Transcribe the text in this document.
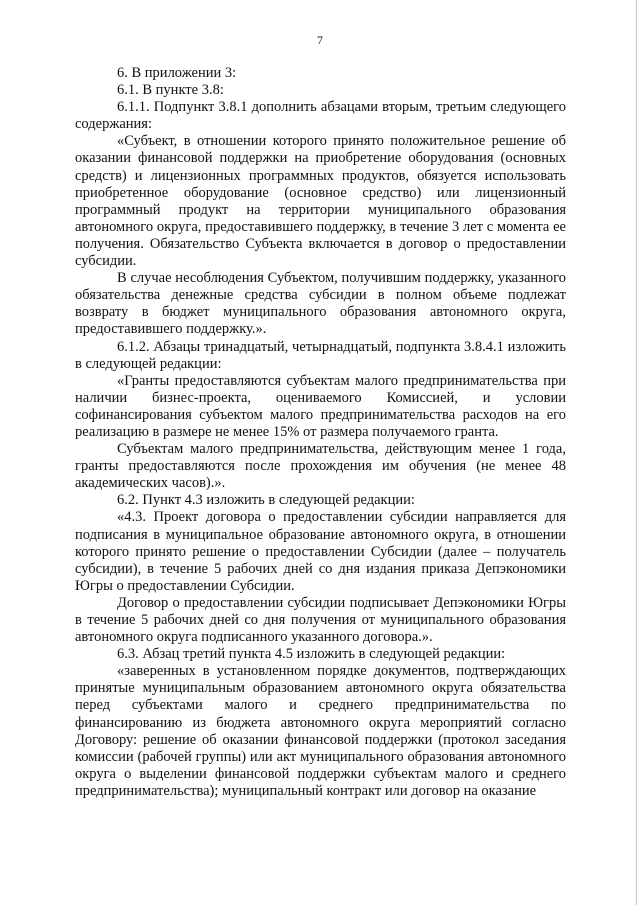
7

6. В приложении 3:

6.1. В пункте 3.8:

6.1.1. Подпункт 3.8.1 дополнить абзацами вторым, третьим следующего содержания:

«Субъект, в отношении которого принято положительное решение об оказании финансовой поддержки на приобретение оборудования (основных средств) и лицензионных программных продуктов, обязуется использовать приобретенное оборудование (основное средство) или лицензионный программный продукт на территории муниципального образования автономного округа, предоставившего поддержку, в течение 3 лет с момента ее получения. Обязательство Субъекта включается в договор о предоставлении субсидии.

В случае несоблюдения Субъектом, получившим поддержку, указанного обязательства денежные средства субсидии в полном объеме подлежат возврату в бюджет муниципального образования автономного округа, предоставившего поддержку.».

6.1.2. Абзацы тринадцатый, четырнадцатый, подпункта 3.8.4.1 изложить в следующей редакции:

«Гранты предоставляются субъектам малого предпринимательства при наличии бизнес-проекта, оцениваемого Комиссией, и условии софинансирования субъектом малого предпринимательства расходов на его реализацию в размере не менее 15% от размера получаемого гранта.

Субъектам малого предпринимательства, действующим менее 1 года, гранты предоставляются после прохождения им обучения (не менее 48 академических часов).».

6.2. Пункт 4.3 изложить в следующей редакции:

«4.3. Проект договора о предоставлении субсидии направляется для подписания в муниципальное образование автономного округа, в отношении которого принято решение о предоставлении Субсидии (далее – получатель субсидии), в течение 5 рабочих дней со дня издания приказа Депэкономики Югры о предоставлении Субсидии.

Договор о предоставлении субсидии подписывает Депэкономики Югры в течение 5 рабочих дней со дня получения от муниципального образования автономного округа подписанного указанного договора.».

6.3. Абзац третий пункта 4.5 изложить в следующей редакции:

«заверенных в установленном порядке документов, подтверждающих принятые муниципальным образованием автономного округа обязательства перед субъектами малого и среднего предпринимательства по финансированию из бюджета автономного округа мероприятий согласно Договору: решение об оказании финансовой поддержки (протокол заседания комиссии (рабочей группы) или акт муниципального образования автономного округа о выделении финансовой поддержки субъектам малого и среднего предпринимательства); муниципальный контракт или договор на оказание
